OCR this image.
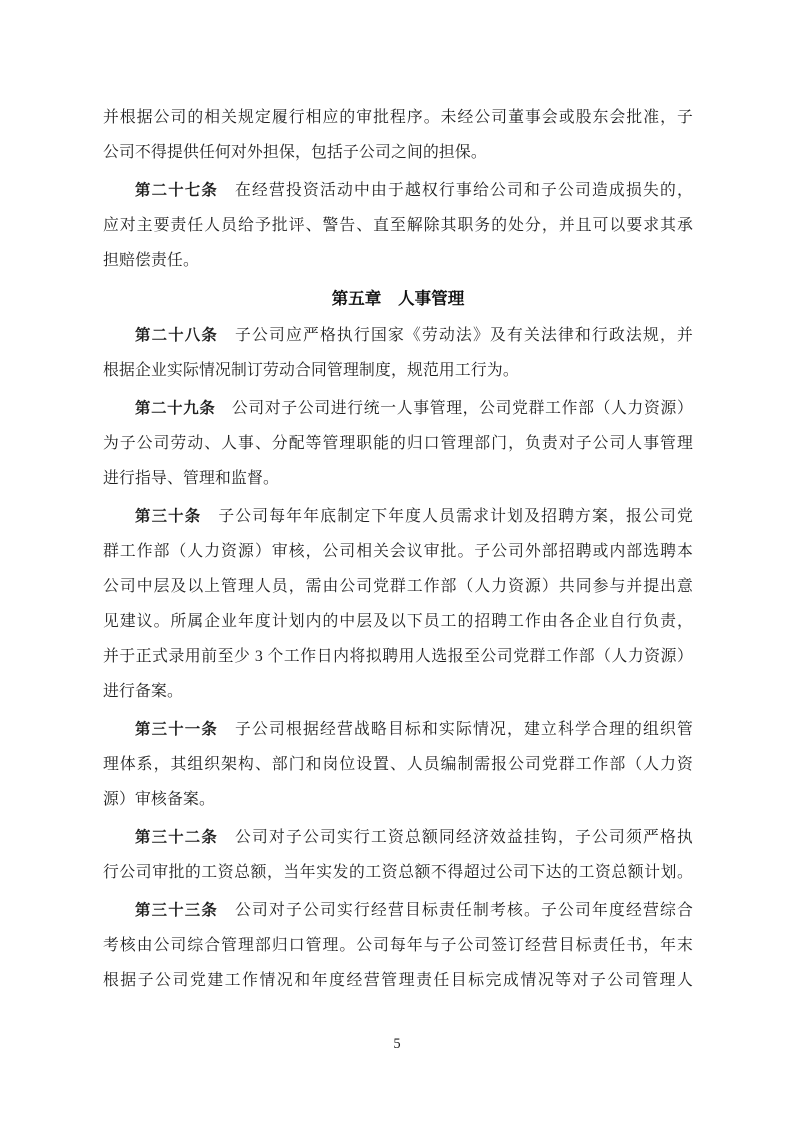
并根据公司的相关规定履行相应的审批程序。未经公司董事会或股东会批准，子
公司不得提供任何对外担保，包括子公司之间的担保。
第二十七条　在经营投资活动中由于越权行事给公司和子公司造成损失的，
应对主要责任人员给予批评、警告、直至解除其职务的处分，并且可以要求其承
担赔偿责任。
第五章　人事管理
第二十八条　子公司应严格执行国家《劳动法》及有关法律和行政法规，并
根据企业实际情况制订劳动合同管理制度，规范用工行为。
第二十九条　公司对子公司进行统一人事管理，公司党群工作部（人力资源）
为子公司劳动、人事、分配等管理职能的归口管理部门，负责对子公司人事管理
进行指导、管理和监督。
第三十条　子公司每年年底制定下年度人员需求计划及招聘方案，报公司党
群工作部（人力资源）审核，公司相关会议审批。子公司外部招聘或内部选聘本
公司中层及以上管理人员，需由公司党群工作部（人力资源）共同参与并提出意
见建议。所属企业年度计划内的中层及以下员工的招聘工作由各企业自行负责，
并于正式录用前至少 3 个工作日内将拟聘用人选报至公司党群工作部（人力资源）
进行备案。
第三十一条　子公司根据经营战略目标和实际情况，建立科学合理的组织管
理体系，其组织架构、部门和岗位设置、人员编制需报公司党群工作部（人力资
源）审核备案。
第三十二条　公司对子公司实行工资总额同经济效益挂钩，子公司须严格执
行公司审批的工资总额，当年实发的工资总额不得超过公司下达的工资总额计划。
第三十三条　公司对子公司实行经营目标责任制考核。子公司年度经营综合
考核由公司综合管理部归口管理。公司每年与子公司签订经营目标责任书，年末
根据子公司党建工作情况和年度经营管理责任目标完成情况等对子公司管理人
5
